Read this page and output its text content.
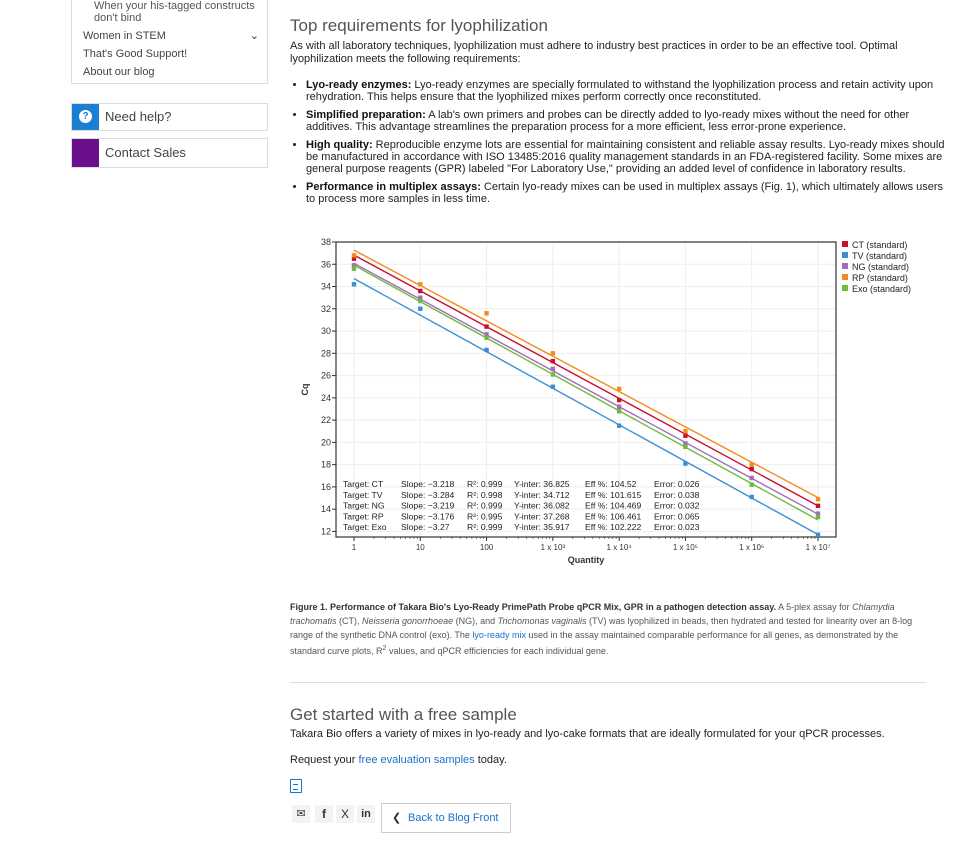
When your his-tagged constructs don't bind
Women in STEM	⌄
That's Good Support!
About our blog
? Need help?
Contact Sales
Top requirements for lyophilization

As with all laboratory techniques, lyophilization must adhere to industry best practices in order to be an effective tool. Optimal lyophilization meets the following requirements:

• Lyo-ready enzymes: Lyo-ready enzymes are specially formulated to withstand the lyophilization process and retain activity upon rehydration. This helps ensure that the lyophilized mixes perform correctly once reconstituted.
• Simplified preparation: A lab's own primers and probes can be directly added to lyo-ready mixes without the need for other additives. This advantage streamlines the preparation process for a more efficient, less error-prone experience.
• High quality: Reproducible enzyme lots are essential for maintaining consistent and reliable assay results. Lyo-ready mixes should be manufactured in accordance with ISO 13485:2016 quality management standards in an FDA-registered facility. Some mixes are general purpose reagents (GPR) labeled "For Laboratory Use," providing an added level of confidence in laboratory results.
• Performance in multiplex assays: Certain lyo-ready mixes can be used in multiplex assays (Fig. 1), which ultimately allows users to process more samples in less time.
12
14
16
18
20
22
24
26
28
30
32
34
36
38
1	10	100	1 x 10³	1 x 10⁴	1 x 10⁵	1 x 10⁶	1 x 10⁷
Quantity
Cq
CT (standard)
TV (standard)
NG (standard)
RP (standard)
Exo (standard)
Target: CT Slope: −3.218 R²: 0.999 Y-inter: 36.825 Eff %: 104.52 Error: 0.026
Target: TV Slope: −3.284 R²: 0.998 Y-inter: 34.712 Eff %: 101.615 Error: 0.038
Target: NG Slope: −3.219 R²: 0.999 Y-inter: 36.082 Eff %: 104.469 Error: 0.032
Target: RP Slope: −3.176 R²: 0.995 Y-inter: 37.268 Eff %: 106.461 Error: 0.065
Target: Exo Slope: −3.27 R²: 0.999 Y-inter: 35.917 Eff %: 102.222 Error: 0.023

Figure 1. Performance of Takara Bio's Lyo-Ready PrimePath Probe qPCR Mix, GPR in a pathogen detection assay. A 5-plex assay for Chlamydia trachomatis (CT), Neisseria gonorrhoeae (NG), and Trichomonas vaginalis (TV) was lyophilized in beads, then hydrated and tested for linearity over an 8-log range of the synthetic DNA control (exo). The lyo-ready mix used in the assay maintained comparable performance for all genes, as demonstrated by the standard curve plots, $R^2$ values, and qPCR efficiencies for each individual gene.

Get started with a free sample

Takara Bio offers a variety of mixes in lyo-ready and lyo-cake formats that are ideally formulated for your qPCR processes.

Request your free evaluation samples today.

✉	f	X	in	❮ Back to Blog Front
